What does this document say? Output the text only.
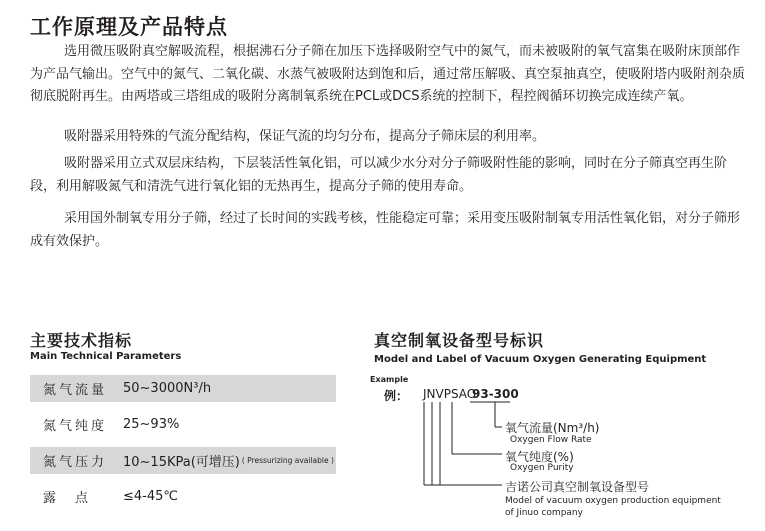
工作原理及产品特点

选用微压吸附真空解吸流程，根据沸石分子筛在加压下选择吸附空气中的氮气，而未被吸附的氧气富集在吸附床顶部作为产品气输出。空气中的氮气、二氧化碳、水蒸气被吸附达到饱和后，通过常压解吸、真空泵抽真空，使吸附塔内吸附剂杂质彻底脱附再生。由两塔或三塔组成的吸附分离制氧系统在PCL或DCS系统的控制下，程控阀循环切换完成连续产氧。

吸附器采用特殊的气流分配结构，保证气流的均匀分布，提高分子筛床层的利用率。

吸附器采用立式双层床结构，下层装活性氧化铝，可以减少水分对分子筛吸附性能的影响，同时在分子筛真空再生阶段，利用解吸氮气和清洗气进行氧化铝的无热再生，提高分子筛的使用寿命。

采用国外制氧专用分子筛，经过了长时间的实践考核，性能稳定可靠；采用变压吸附制氧专用活性氧化铝，对分子筛形成有效保护。

主要技术指标
Main Technical Parameters
氮气流量	50~3000N³/h
氮气纯度	25~93%
氮气压力	10~15KPa(可增压) ( Pressurizing available )
露　点	≤4-45℃
真空制氧设备型号标识
Model and Label of Vacuum Oxygen Generating Equipment
Example
例： JNVPSAO
93-300
氧气流量(Nm³/h)
Oxygen Flow Rate
氧气纯度(%)
Oxygen Purity
吉诺公司真空制氧设备型号
Model of vacuum oxygen production equipment
of Jinuo company
